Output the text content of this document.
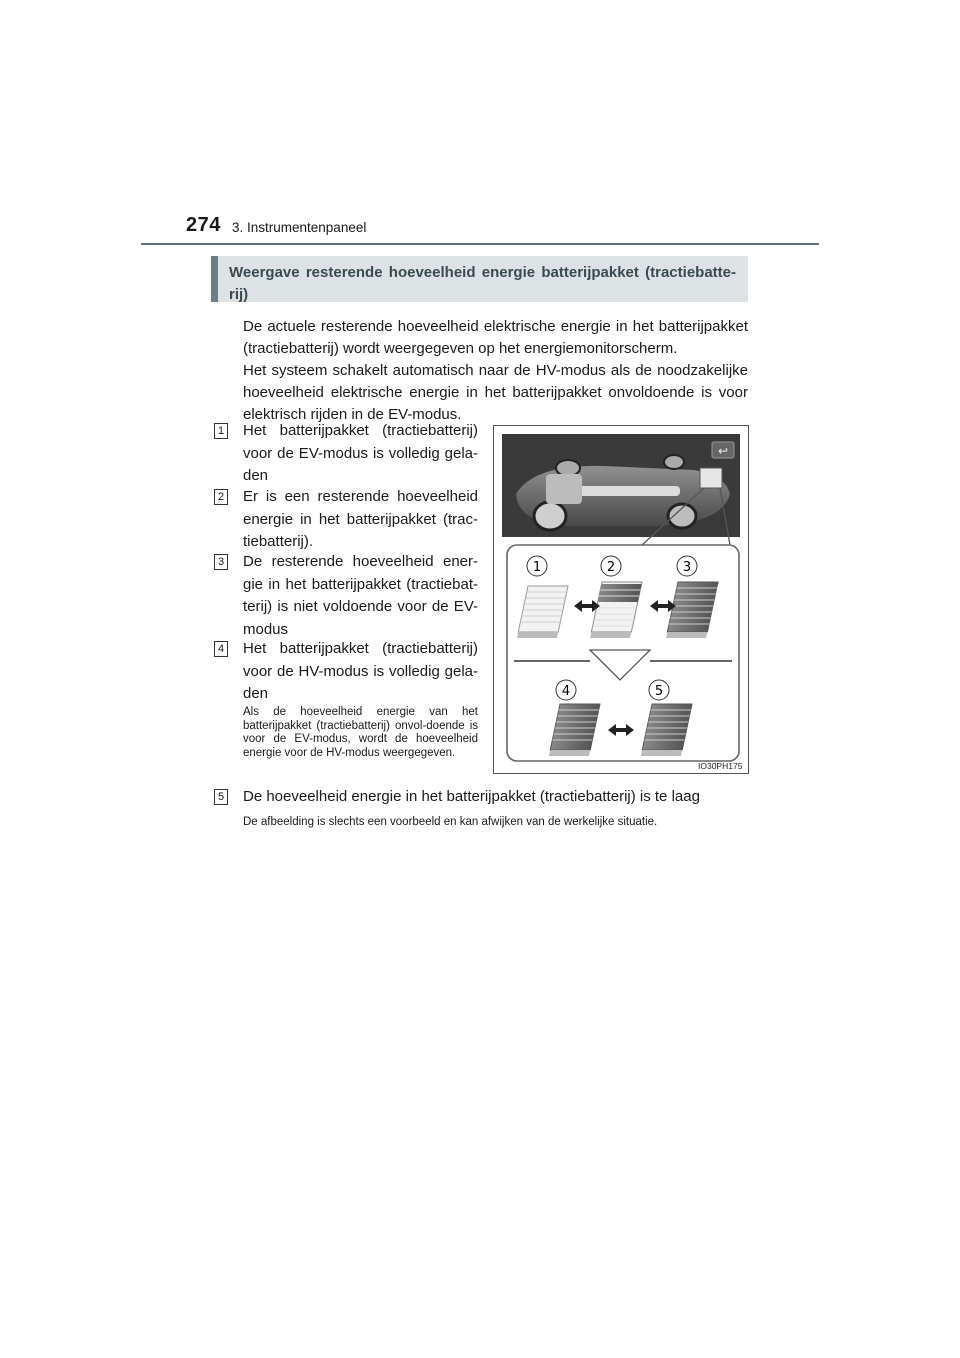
274 3. Instrumentenpaneel
Weergave resterende hoeveelheid energie batterijpakket (tractiebatte-rij)

De actuele resterende hoeveelheid elektrische energie in het batterijpakket (tractiebatterij) wordt weergegeven op het energiemonitorscherm.

Het systeem schakelt automatisch naar de HV-modus als de noodzakelijke hoeveelheid elektrische energie in het batterijpakket onvoldoende is voor elektrisch rijden in de EV-modus.

1 Het batterijpakket (tractiebatterij) voor de EV-modus is volledig gela-den
2 Er is een resterende hoeveelheid energie in het batterijpakket (trac-tiebatterij).
3 De resterende hoeveelheid ener-gie in het batterijpakket (tractiebat-terij) is niet voldoende voor de EV-modus
4 Het batterijpakket (tractiebatterij) voor de HV-modus is volledig gela-den

Als de hoeveelheid energie van het batterijpakket (tractiebatterij) onvol-doende is voor de EV-modus, wordt de hoeveelheid energie voor de HV-modus weergegeven.

5 De hoeveelheid energie in het batterijpakket (tractiebatterij) is te laag
De afbeelding is slechts een voorbeeld en kan afwijken van de werkelijke situatie.
↩
1	2	3
4	5
IO30PH175
